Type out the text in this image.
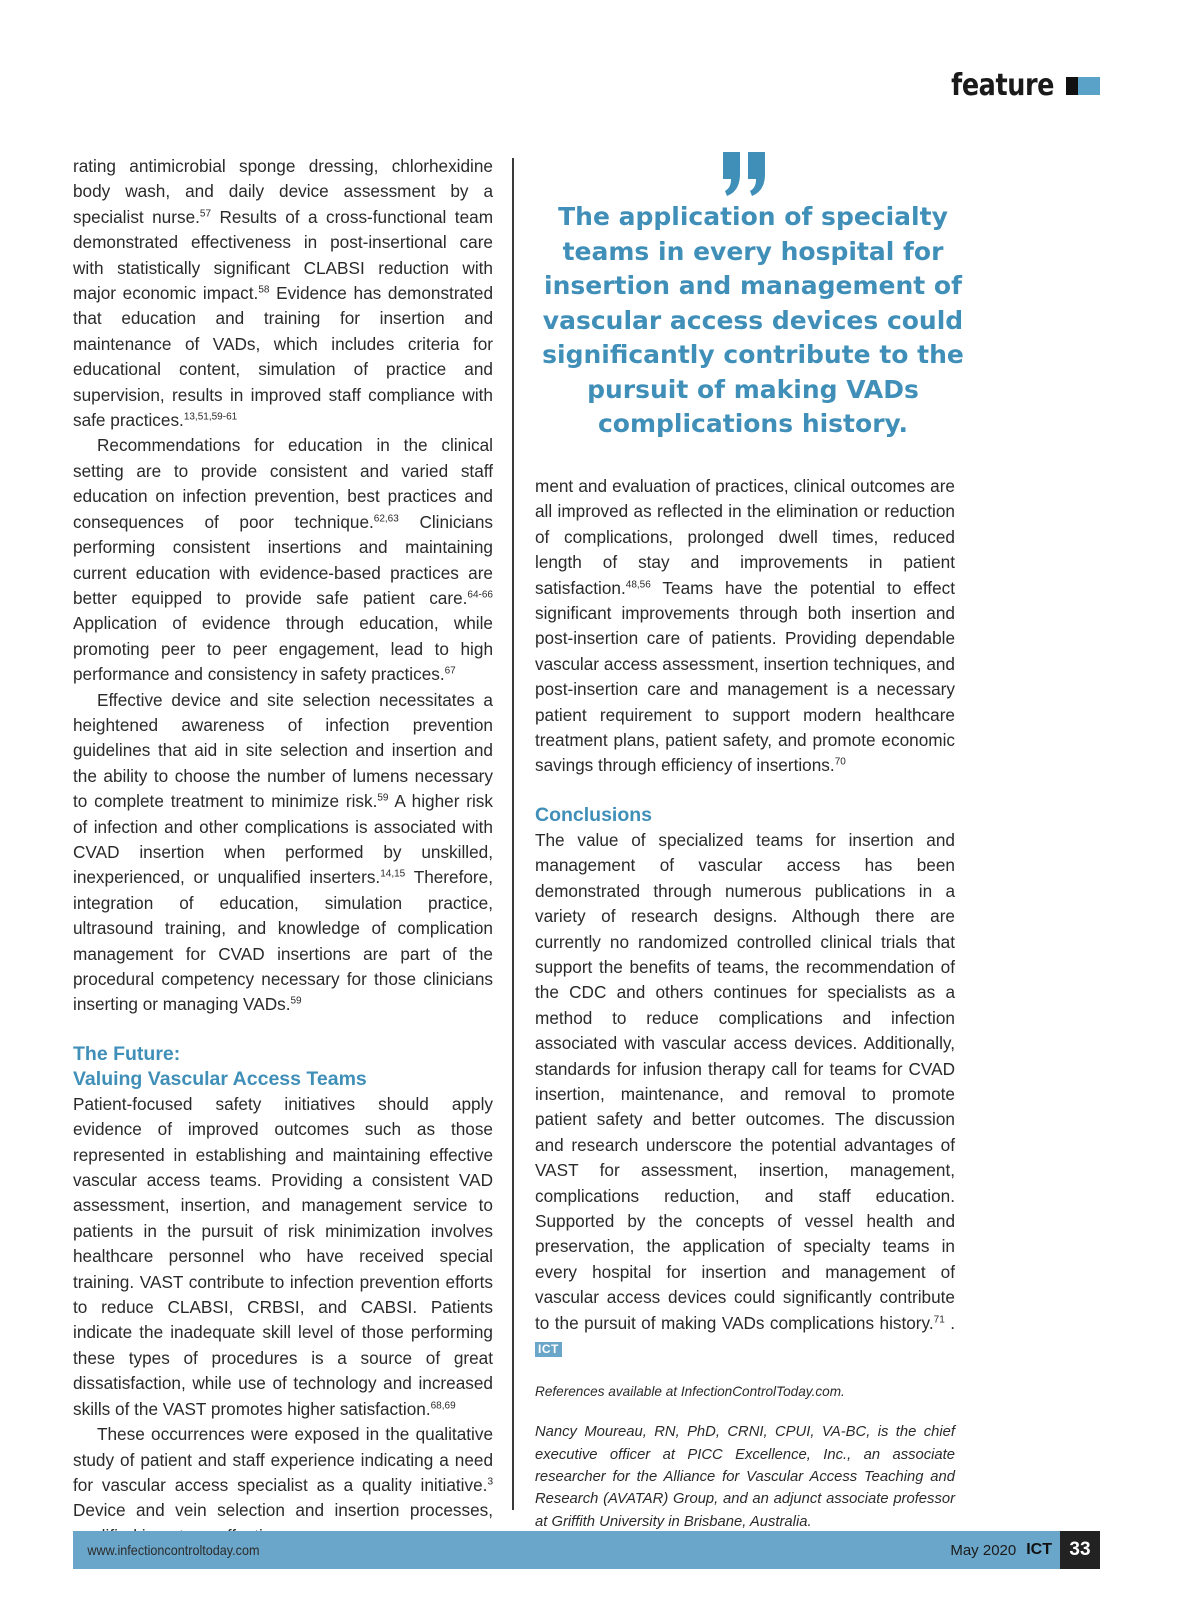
feature

rating antimicrobial sponge dressing, chlorhexidine body wash, and daily device assessment by a specialist nurse.$^{57}$ Results of a cross-functional team demonstrated effectiveness in post-insertional care with statistically significant CLABSI reduction with major economic impact.$^{58}$ Evidence has demonstrated that education and training for insertion and maintenance of VADs, which includes criteria for educational content, simulation of practice and supervision, results in improved staff compliance with safe practices.$^{13,51,59-61}$

Recommendations for education in the clinical setting are to provide consistent and varied staff education on infection prevention, best practices and consequences of poor technique.$^{62,63}$ Clinicians performing consistent insertions and maintaining current education with evidence-based practices are better equipped to provide safe patient care.$^{64-66}$ Application of evidence through education, while promoting peer to peer engagement, lead to high performance and consistency in safety practices.$^{67}$

Effective device and site selection necessitates a heightened awareness of infection prevention guidelines that aid in site selection and insertion and the ability to choose the number of lumens necessary to complete treatment to minimize risk.$^{59}$ A higher risk of infection and other complications is associated with CVAD insertion when performed by unskilled, inexperienced, or unqualified inserters.$^{14,15}$ Therefore, integration of education, simulation practice, ultrasound training, and knowledge of complication management for CVAD insertions are part of the procedural competency necessary for those clinicians inserting or managing VADs.$^{59}$

The Future:

Valuing Vascular Access Teams

Patient-focused safety initiatives should apply evidence of improved outcomes such as those represented in establishing and maintaining effective vascular access teams. Providing a consistent VAD assessment, insertion, and management service to patients in the pursuit of risk minimization involves healthcare personnel who have received special training. VAST contribute to infection prevention efforts to reduce CLABSI, CRBSI, and CABSI. Patients indicate the inadequate skill level of those performing these types of procedures is a source of great dissatisfaction, while use of technology and increased skills of the VAST promotes higher satisfaction.$^{68,69}$

These occurrences were exposed in the qualitative study of patient and staff experience indicating a need for vascular access specialist as a quality initiative.$^3$ Device and vein selection and insertion processes,

The application of specialty teams in every hospital for insertion and management of vascular access devices could significantly contribute to the pursuit of making VADs complications history.

ment and evaluation of practices, clinical outcomes are all improved as reflected in the elimination or reduction of complications, prolonged dwell times, reduced length of stay and improvements in patient satisfaction.$^{48,56}$ Teams have the potential to effect significant improvements through both insertion and post-insertion care of patients. Providing dependable vascular access assessment, insertion techniques, and post-insertion care and management is a necessary patient requirement to support modern healthcare treatment plans, patient safety, and promote economic savings through efficiency of insertions.$^{70}$

Conclusions

The value of specialized teams for insertion and management of vascular access has been demonstrated through numerous publications in a variety of research designs. Although there are currently no randomized controlled clinical trials that support the benefits of teams, the recommendation of the CDC and others continues for specialists as a method to reduce complications and infection associated with vascular access devices. Additionally, standards for infusion therapy call for teams for CVAD insertion, maintenance, and removal to promote patient safety and better outcomes. The discussion and research underscore the potential advantages of VAST for assessment, insertion, management, complications reduction, and staff education. Supported by the concepts of vessel health and preservation, the application of specialty teams in every hospital for insertion and management of vascular access devices could significantly contribute to the pursuit of making VADs complications history.$^{71}$ .ICT

References available at InfectionControlToday.com.

Nancy Moureau, RN, PhD, CRNI, CPUI, VA-BC, is the chief executive officer at PICC Excellence, Inc., an associate researcher for the Alliance for Vascular Access Teaching and Research (AVATAR) Group, and an adjunct associate professor at Griffith University in Brisbane, Australia.

www.infectioncontroltoday.com	May 2020 ICT 33
